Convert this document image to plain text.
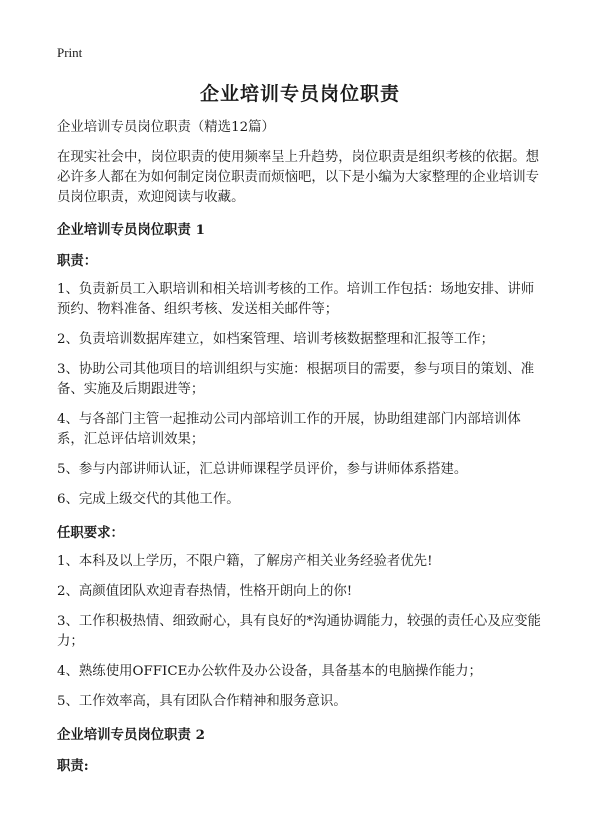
Print
企业培训专员岗位职责

企业培训专员岗位职责（精选12篇）

在现实社会中，岗位职责的使用频率呈上升趋势，岗位职责是组织考核的依据。想必许多人都在为如何制定岗位职责而烦恼吧，以下是小编为大家整理的企业培训专员岗位职责，欢迎阅读与收藏。

企业培训专员岗位职责 1

职责：

1、负责新员工入职培训和相关培训考核的工作。培训工作包括：场地安排、讲师预约、物料准备、组织考核、发送相关邮件等；

2、负责培训数据库建立，如档案管理、培训考核数据整理和汇报等工作；

3、协助公司其他项目的培训组织与实施：根据项目的需要，参与项目的策划、准备、实施及后期跟进等；

4、与各部门主管一起推动公司内部培训工作的开展，协助组建部门内部培训体系，汇总评估培训效果；

5、参与内部讲师认证，汇总讲师课程学员评价，参与讲师体系搭建。

6、完成上级交代的其他工作。

任职要求：

1、本科及以上学历，不限户籍，了解房产相关业务经验者优先!

2、高颜值团队欢迎青春热情，性格开朗向上的你!

3、工作积极热情、细致耐心，具有良好的*沟通协调能力，较强的责任心及应变能力；

4、熟练使用OFFICE办公软件及办公设备，具备基本的电脑操作能力；

5、工作效率高，具有团队合作精神和服务意识。

企业培训专员岗位职责 2

职责:
